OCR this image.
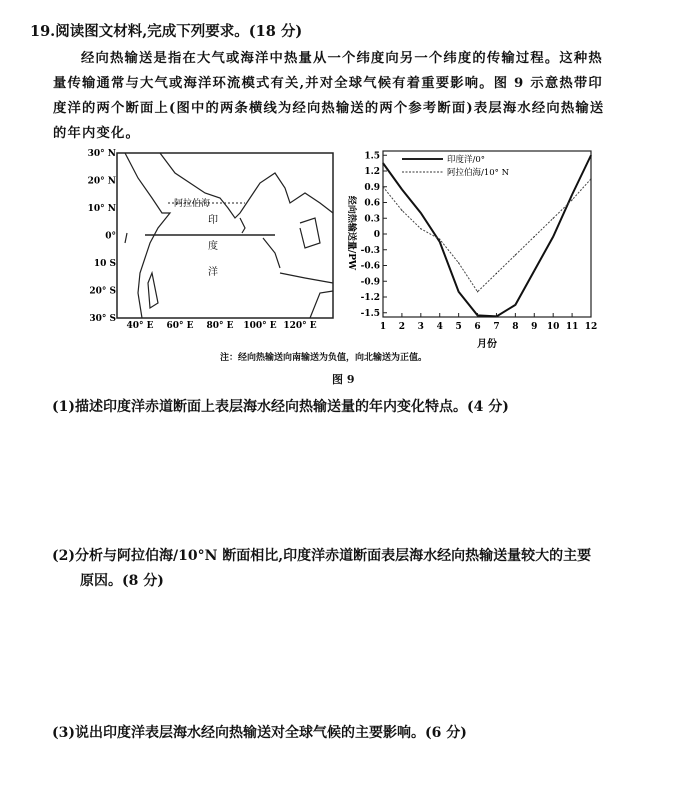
19.阅读图文材料,完成下列要求。(18 分)
经向热输送是指在大气或海洋中热量从一个纬度向另一个纬度的传输过程。这种热
量传输通常与大气或海洋环流模式有关,并对全球气候有着重要影响。图 9 示意热带印
度洋的两个断面上(图中的两条横线为经向热输送的两个参考断面)表层海水经向热输送
的年内变化。
阿拉伯海
印
度
洋
30° N
20° N
10° N
0°
10 S
20° S
30° S
40° E 60° E 80° E 100° E 120° E
1.5
1.2
0.9
0.6
0.3
0
-0.3
-0.6
-0.9
-1.2
-1.5
1 2 3 4 5 6 7 8 9 10 11 12
印度洋/0°
阿拉伯海/10° N
月份
经向热输送量/PW
注：经向热输送向南输送为负值，向北输送为正值。
图 9
(1)描述印度洋赤道断面上表层海水经向热输送量的年内变化特点。(4 分)
(2)分析与阿拉伯海/10°N 断面相比,印度洋赤道断面表层海水经向热输送量较大的主要
原因。(8 分)
(3)说出印度洋表层海水经向热输送对全球气候的主要影响。(6 分)
